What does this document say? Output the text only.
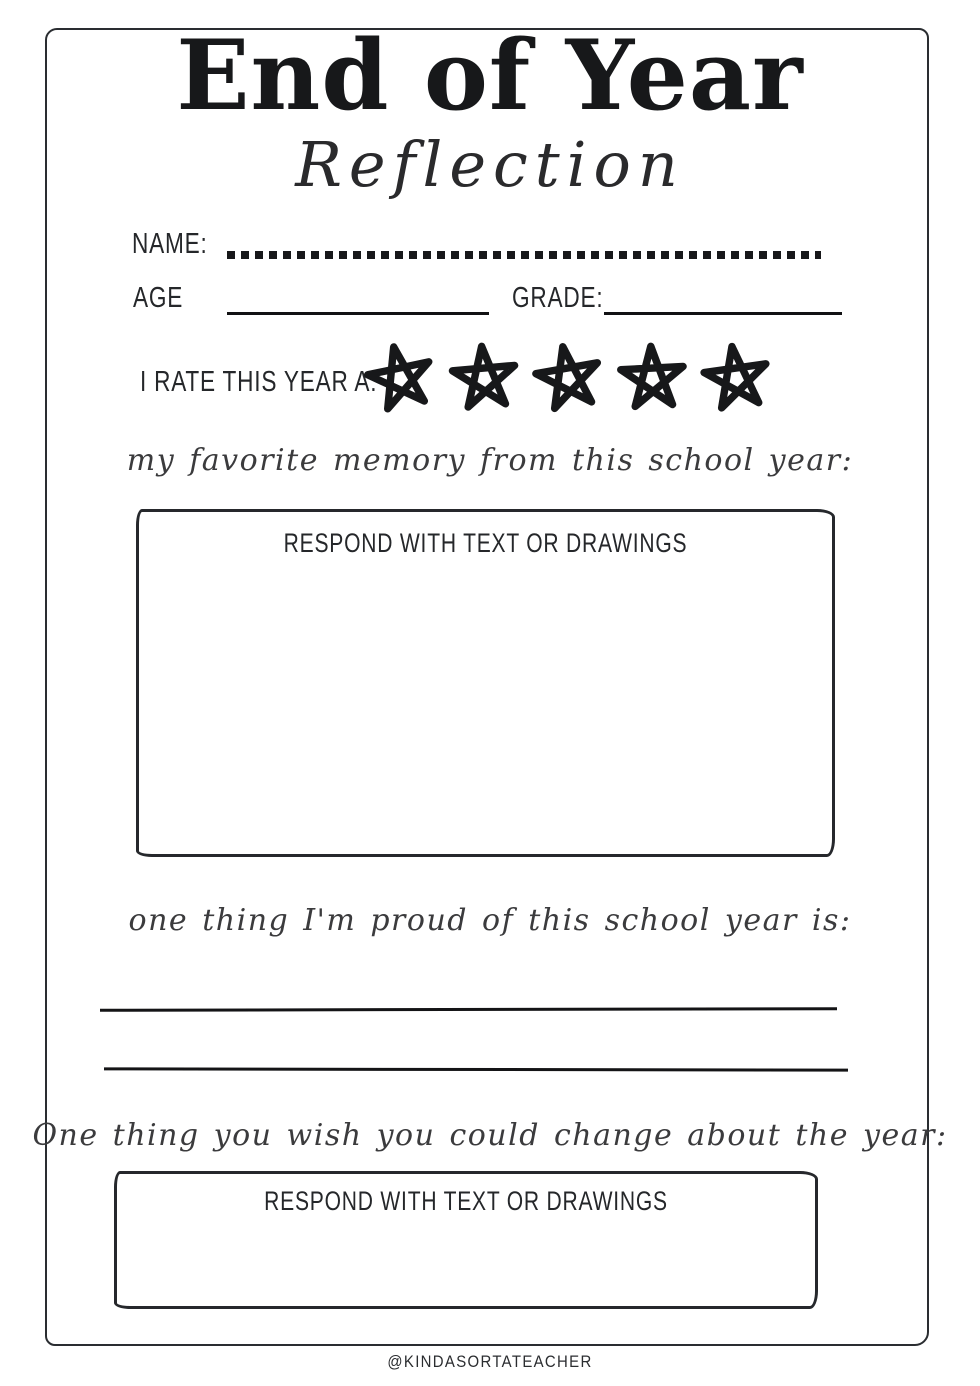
End of Year
Reflection
NAME:
AGE	GRADE:
I RATE THIS YEAR A:
my favorite memory from this school year:
RESPOND WITH TEXT OR DRAWINGS
one thing I'm proud of this school year is:
One thing you wish you could change about the year:
RESPOND WITH TEXT OR DRAWINGS
@KINDASORTATEACHER
